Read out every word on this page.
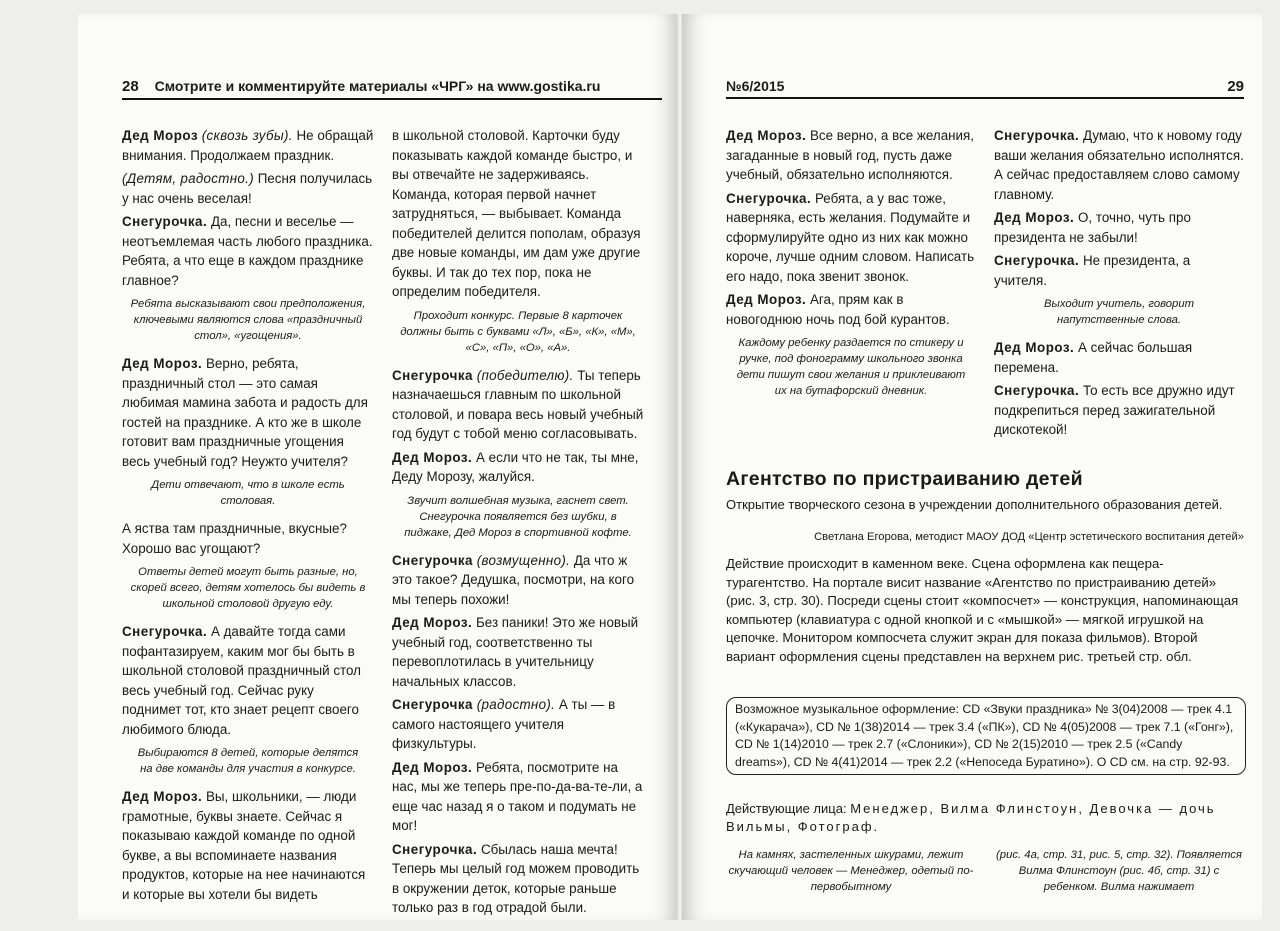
28 Смотрите и комментируйте материалы «ЧРГ» на www.gostika.ru

Дед Мороз (сквозь зубы). Не обращай внимания. Продолжаем праздник.

(Детям, радостно.) Песня получилась у нас очень веселая!

Снегурочка. Да, песни и веселье — неотъемлемая часть любого праздника. Ребята, а что еще в каждом празднике главное?

Ребята высказывают свои предположения, ключевыми являются слова «праздничный стол», «угощения».

Дед Мороз. Верно, ребята, праздничный стол — это самая любимая мамина забота и радость для гостей на празднике. А кто же в школе готовит вам праздничные угощения весь учебный год? Неужто учителя?

Дети отвечают, что в школе есть столовая.

А яства там праздничные, вкусные? Хорошо вас угощают?

Ответы детей могут быть разные, но, скорей всего, детям хотелось бы видеть в школьной столовой другую еду.

Снегурочка. А давайте тогда сами пофантазируем, каким мог бы быть в школьной столовой праздничный стол весь учебный год. Сейчас руку поднимет тот, кто знает рецепт своего любимого блюда.

Выбираются 8 детей, которые делятся на две команды для участия в конкурсе.

Дед Мороз. Вы, школьники, — люди грамотные, буквы знаете. Сейчас я показываю каждой команде по одной букве, а вы вспоминаете названия продуктов, которые на нее начинаются и которые вы хотели бы видеть

в школьной столовой. Карточки буду показывать каждой команде быстро, и вы отвечайте не задерживаясь. Команда, которая первой начнет затрудняться, — выбывает. Команда победителей делится пополам, образуя две новые команды, им дам уже другие буквы. И так до тех пор, пока не определим победителя.

Проходит конкурс. Первые 8 карточек должны быть с буквами «Л», «Б», «К», «М», «С», «П», «О», «А».

Снегурочка (победителю). Ты теперь назначаешься главным по школьной столовой, и повара весь новый учебный год будут с тобой меню согласовывать.

Дед Мороз. А если что не так, ты мне, Деду Морозу, жалуйся.

Звучит волшебная музыка, гаснет свет. Снегурочка появляется без шубки, в пиджаке, Дед Мороз в спортивной кофте.

Снегурочка (возмущенно). Да что ж это такое? Дедушка, посмотри, на кого мы теперь похожи!

Дед Мороз. Без паники! Это же новый учебный год, соответственно ты перевоплотилась в учительницу начальных классов.

Снегурочка (радостно). А ты — в самого настоящего учителя физкультуры.

Дед Мороз. Ребята, посмотрите на нас, мы же теперь пре-по-да-ва-те-ли, а еще час назад я о таком и подумать не мог!

Снегурочка. Сбылась наша мечта! Теперь мы целый год можем проводить в окружении деток, которые раньше только раз в год отрадой были.

№6/2015	29

Дед Мороз. Все верно, а все желания, загаданные в новый год, пусть даже учебный, обязательно исполняются.

Снегурочка. Ребята, а у вас тоже, наверняка, есть желания. Подумайте и сформулируйте одно из них как можно короче, лучше одним словом. Написать его надо, пока звенит звонок.

Дед Мороз. Ага, прям как в новогоднюю ночь под бой курантов.

Каждому ребенку раздается по стикеру и ручке, под фонограмму школьного звонка дети пишут свои желания и приклеивают их на бутафорский дневник.

Снегурочка. Думаю, что к новому году ваши желания обязательно исполнятся. А сейчас предоставляем слово самому главному.

Дед Мороз. О, точно, чуть про президента не забыли!

Снегурочка. Не президента, а учителя.

Выходит учитель, говорит напутственные слова.

Дед Мороз. А сейчас большая перемена.

Снегурочка. То есть все дружно идут подкрепиться перед зажигательной дискотекой!

Агентство по пристраиванию детей
Открытие творческого сезона в учреждении дополнительного образования детей.
Светлана Егорова, методист МАОУ ДОД «Центр эстетического воспитания детей»
Действие происходит в каменном веке. Сцена оформлена как пещера-турагентство. На портале висит название «Агентство по пристраиванию детей» (рис. 3, стр. 30). Посреди сцены стоит «компосчет» — конструкция, напоминающая компьютер (клавиатура с одной кнопкой и с «мышкой» — мягкой игрушкой на цепочке. Монитором компосчета служит экран для показа фильмов). Второй вариант оформления сцены представлен на верхнем рис. третьей стр. обл.
Возможное музыкальное оформление: CD «Звуки праздника» № 3(04)2008 — трек 4.1 («Кукарача»), CD № 1(38)2014 — трек 3.4 («ПК»), CD № 4(05)2008 — трек 7.1 («Гонг»), CD № 1(14)2010 — трек 2.7 («Слоники»), CD № 2(15)2010 — трек 2.5 («Candy dreams»), CD № 4(41)2014 — трек 2.2 («Непоседа Буратино»). О CD см. на стр. 92-93.
Действующие лица: Менеджер, Вилма Флинстоун, Девочка — дочь Вильмы, Фотограф.
На камнях, застеленных шкурами, лежит скучающий человек — Менеджер, одетый по-первобытному
(рис. 4а, стр. 31, рис. 5, стр. 32). Появляется Вилма Флинстоун (рис. 4б, стр. 31) с ребенком. Вилма нажимает
